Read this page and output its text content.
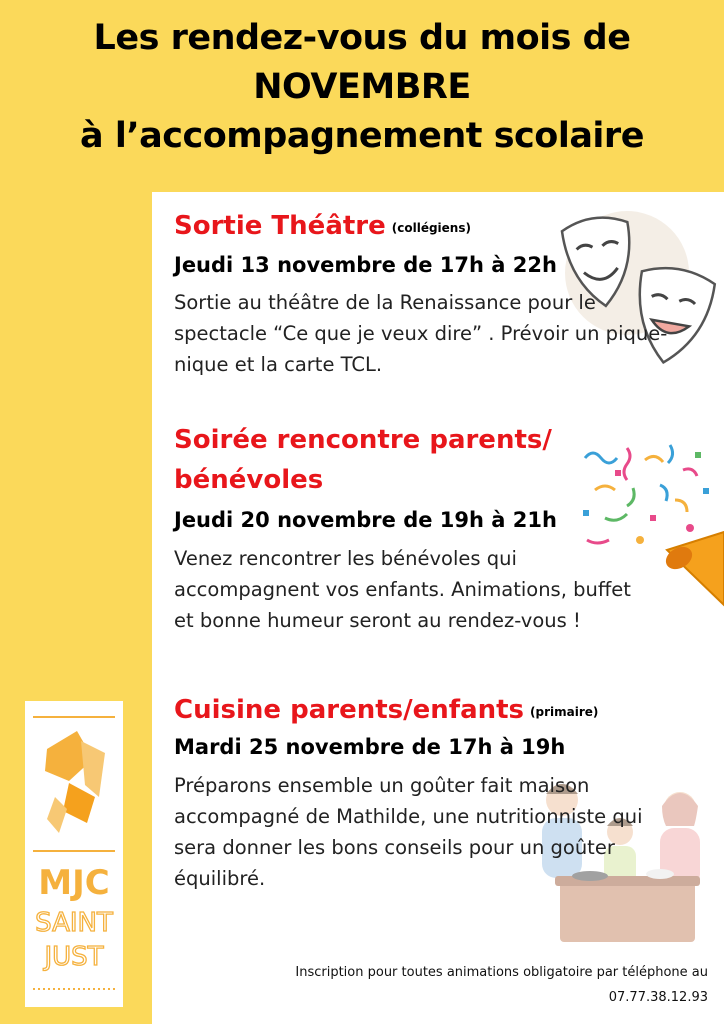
Les rendez-vous du mois de
NOVEMBRE
à l’accompagnement scolaire
Sortie Théâtre (collégiens)
Jeudi 13 novembre de 17h à 22h
Sortie au théâtre de la Renaissance pour le spectacle “Ce que je veux dire” . Prévoir un pique-nique et la carte TCL.
Soirée rencontre parents/
bénévoles
Jeudi 20 novembre de 19h à 21h
Venez rencontrer les bénévoles qui accompagnent vos enfants. Animations, buffet et bonne humeur seront au rendez-vous !
Cuisine parents/enfants (primaire)
Mardi 25 novembre de 17h à 19h
Préparons ensemble un goûter fait maison accompagné de Mathilde, une nutritionniste qui sera donner les bons conseils pour un goûter équilibré.
Inscription pour toutes animations obligatoire par téléphone au
07.77.38.12.93
MJC
SAINT
JUST
